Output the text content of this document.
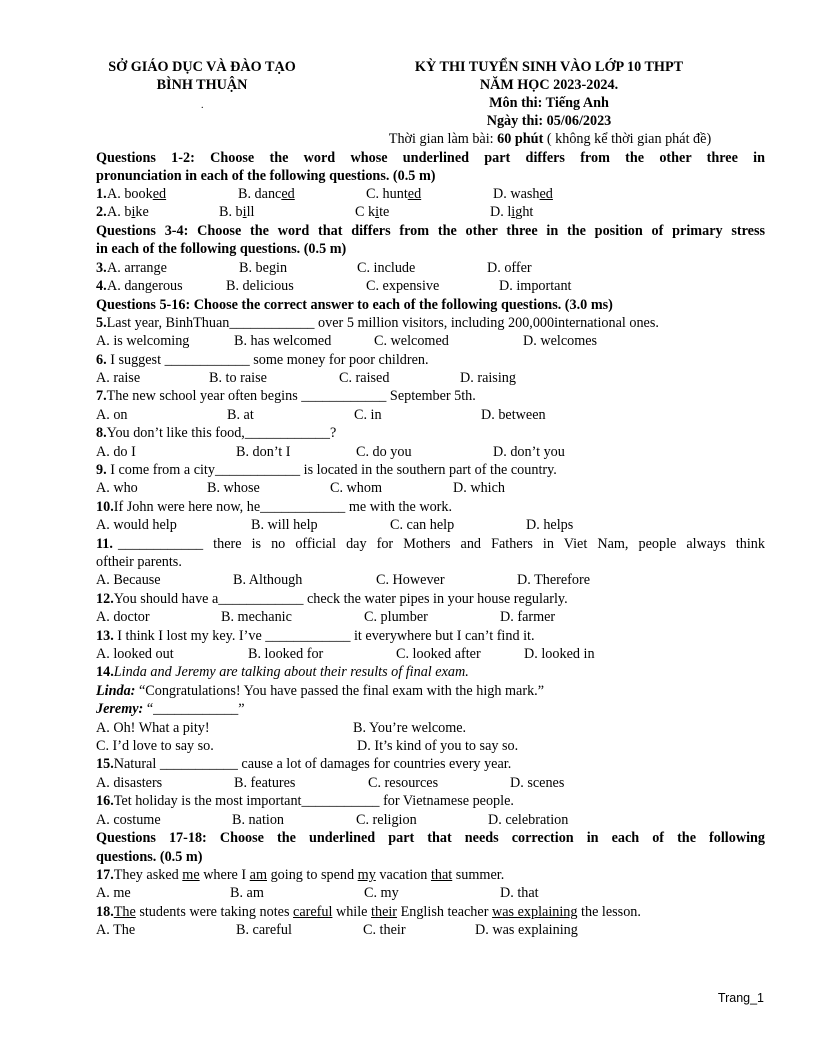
.
SỞ GIÁO DỤC VÀ ĐÀO TẠO
BÌNH THUẬN
KỲ THI TUYỂN SINH VÀO LỚP 10 THPT
NĂM HỌC 2023-2024.
Môn thi: Tiếng Anh
Ngày thi: 05/06/2023
Thời gian làm bài: 60 phút ( không kể thời gian phát đề)
Questions 1-2: Choose the word whose underlined part differs from the other three in
pronunciation in each of the following questions. (0.5 m)
1. A. booked	B. danced	C. hunted	D. washed
2. A. bike	B. bill	C kite	D. light
Questions 3-4: Choose the word that differs from the other three in the position of primary stress
in each of the following questions. (0.5 m)
3. A. arrange	B. begin	C. include	D. offer
4. A. dangerous	B. delicious	C. expensive	D. important
Questions 5-16: Choose the correct answer to each of the following questions. (3.0 ms)
5.Last year, BinhThuan____________ over 5 million visitors, including 200,000international ones.
A. is welcoming	B. has welcomed	C. welcomed	D. welcomes
6. I suggest ____________ some money for poor children.
A. raise	B. to raise	C. raised	D. raising
7.The new school year often begins ____________ September 5th.
A. on	B. at	C. in	D. between
8.You don’t like this food,____________?
A. do I	B. don’t I	C. do you	D. don’t you
9. I come from a city____________ is located in the southern part of the country.
A. who	B. whose	C. whom	D. which
10.If John were here now, he____________ me with the work.
A. would help	B. will help	C. can help	D. helps
11. ____________ there is no official day for Mothers and Fathers in Viet Nam, people always think
oftheir parents.
A. Because	B. Although	C. However	D. Therefore
12.You should have a____________ check the water pipes in your house regularly.
A. doctor	B. mechanic	C. plumber	D. farmer
13. I think I lost my key. I’ve ____________ it everywhere but I can’t find it.
A. looked out	B. looked for	C. looked after	D. looked in
14.Linda and Jeremy are talking about their results of final exam.
Linda: “Congratulations! You have passed the final exam with the high mark.”
Jeremy: “____________”
A. Oh! What a pity!	B. You’re welcome.
C. I’d love to say so.	D. It’s kind of you to say so.
15.Natural ___________ cause a lot of damages for countries every year.
A. disasters	B. features	C. resources	D. scenes
16.Tet holiday is the most important___________ for Vietnamese people.
A. costume	B. nation	C. religion	D. celebration
Questions 17-18: Choose the underlined part that needs correction in each of the following
questions. (0.5 m)
17.They asked me where I am going to spend my vacation that summer.
A. me	B. am	C. my	D. that
18.The students were taking notes careful while their English teacher was explaining the lesson.
A. The	B. careful	C. their	D. was explaining
Trang_1
